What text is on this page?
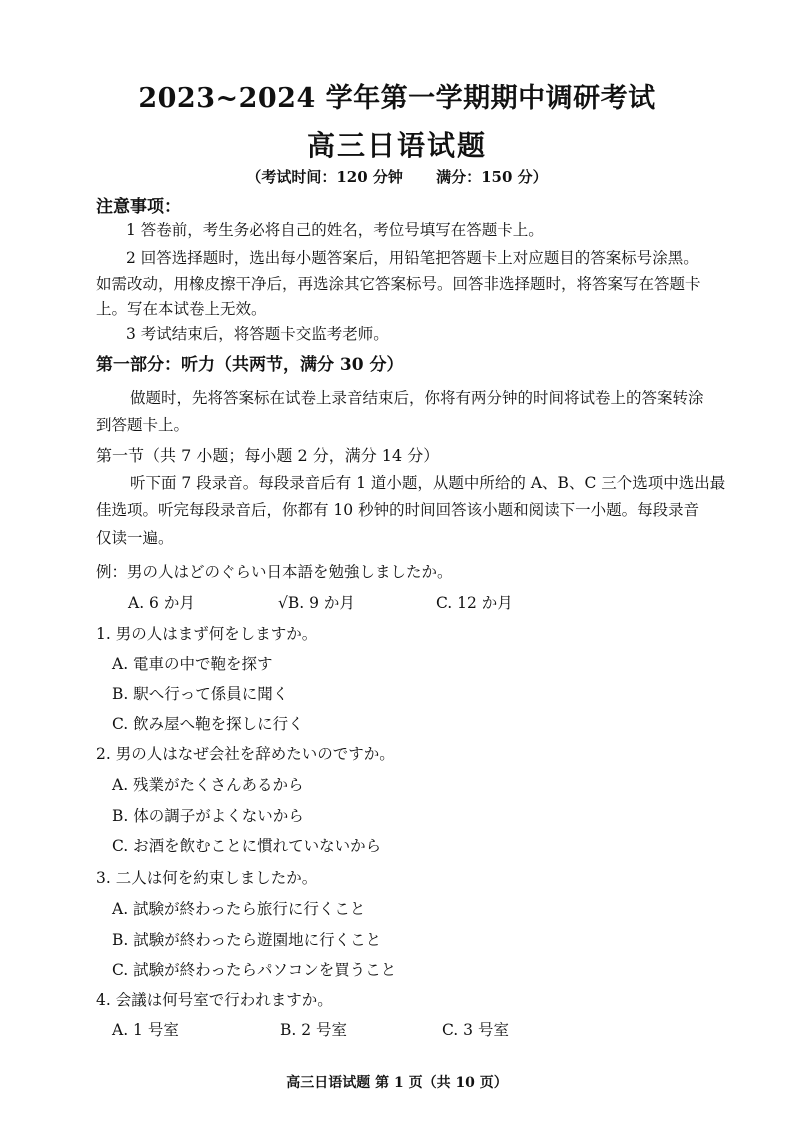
2023~2024 学年第一学期期中调研考试
高三日语试题
（考试时间：120 分钟 满分：150 分）
注意事项：
1 答卷前，考生务必将自己的姓名，考位号填写在答题卡上。
2 回答选择题时，选出每小题答案后，用铅笔把答题卡上对应题目的答案标号涂黑。
如需改动，用橡皮擦干净后，再选涂其它答案标号。回答非选择题时，将答案写在答题卡
上。写在本试卷上无效。
3 考试结束后，将答题卡交监考老师。
第一部分：听力（共两节，满分 30 分）
做题时，先将答案标在试卷上录音结束后，你将有两分钟的时间将试卷上的答案转涂
到答题卡上。
第一节（共 7 小题；每小题 2 分，满分 14 分）
听下面 7 段录音。每段录音后有 1 道小题，从题中所给的 A、B、C 三个选项中选出最
佳选项。听完每段录音后，你都有 10 秒钟的时间回答该小题和阅读下一小题。每段录音
仅读一遍。
例：男の人はどのぐらい日本語を勉強しましたか。
A. 6 か月	√B. 9 か月	C. 12 か月
1. 男の人はまず何をしますか。
A. 電車の中で鞄を探す
B. 駅へ行って係員に聞く
C. 飲み屋へ鞄を探しに行く
2. 男の人はなぜ会社を辞めたいのですか。
A. 残業がたくさんあるから
B. 体の調子がよくないから
C. お酒を飲むことに慣れていないから
3. 二人は何を約束しましたか。
A. 試験が終わったら旅行に行くこと
B. 試験が終わったら遊園地に行くこと
C. 試験が終わったらパソコンを買うこと
4. 会議は何号室で行われますか。
A. 1 号室	B. 2 号室	C. 3 号室
高三日语试题 第 1 页（共 10 页）
